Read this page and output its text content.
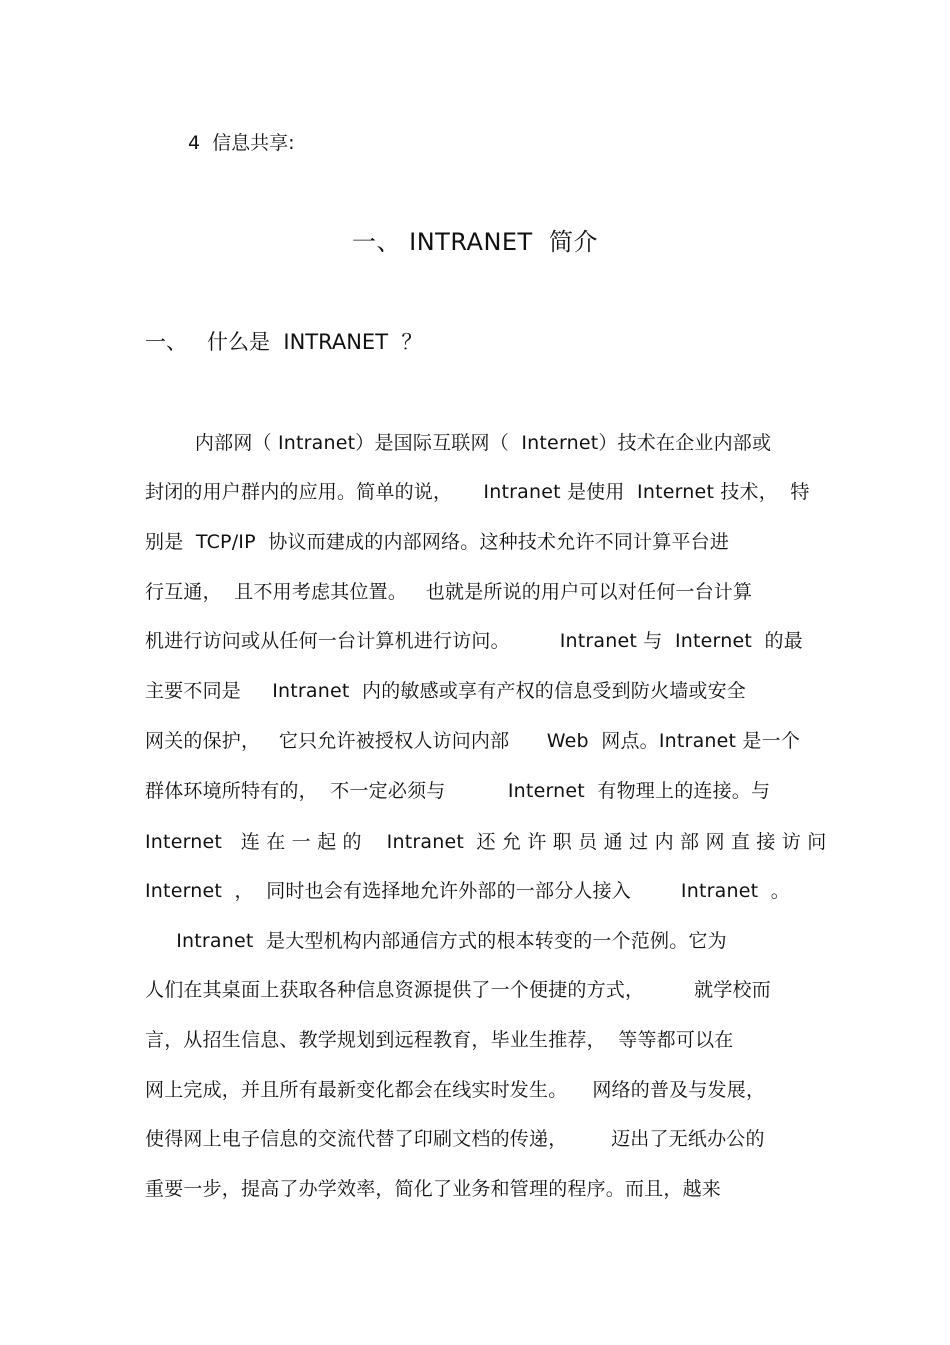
4  信息共享:
一、 INTRANET  简介
一、   什么是  INTRANET  ？
内部网（ Intranet）是国际互联网（  Internet）技术在企业内部或
封闭的用户群内的应用。简单的说，     Intranet 是使用  Internet 技术，  特
别是  TCP/IP  协议而建成的内部网络。这种技术允许不同计算平台进
行互通，  且不用考虑其位置。   也就是所说的用户可以对任何一台计算
机进行访问或从任何一台计算机进行访问。        Intranet 与  Internet  的最
主要不同是     Intranet  内的敏感或享有产权的信息受到防火墙或安全
网关的保护，   它只允许被授权人访问内部      Web  网点。Intranet 是一个
群体环境所特有的，  不一定必须与          Internet  有物理上的连接。与
Internet   连 在 一 起 的    Intranet  还 允 许 职 员 通 过 内 部 网 直 接 访 问
Internet  ，  同时也会有选择地允许外部的一部分人接入        Intranet  。
Intranet  是大型机构内部通信方式的根本转变的一个范例。它为
人们在其桌面上获取各种信息资源提供了一个便捷的方式，        就学校而
言，从招生信息、教学规划到远程教育，毕业生推荐，  等等都可以在
网上完成，并且所有最新变化都会在线实时发生。    网络的普及与发展，
使得网上电子信息的交流代替了印刷文档的传递，       迈出了无纸办公的
重要一步，提高了办学效率，简化了业务和管理的程序。而且，越来
